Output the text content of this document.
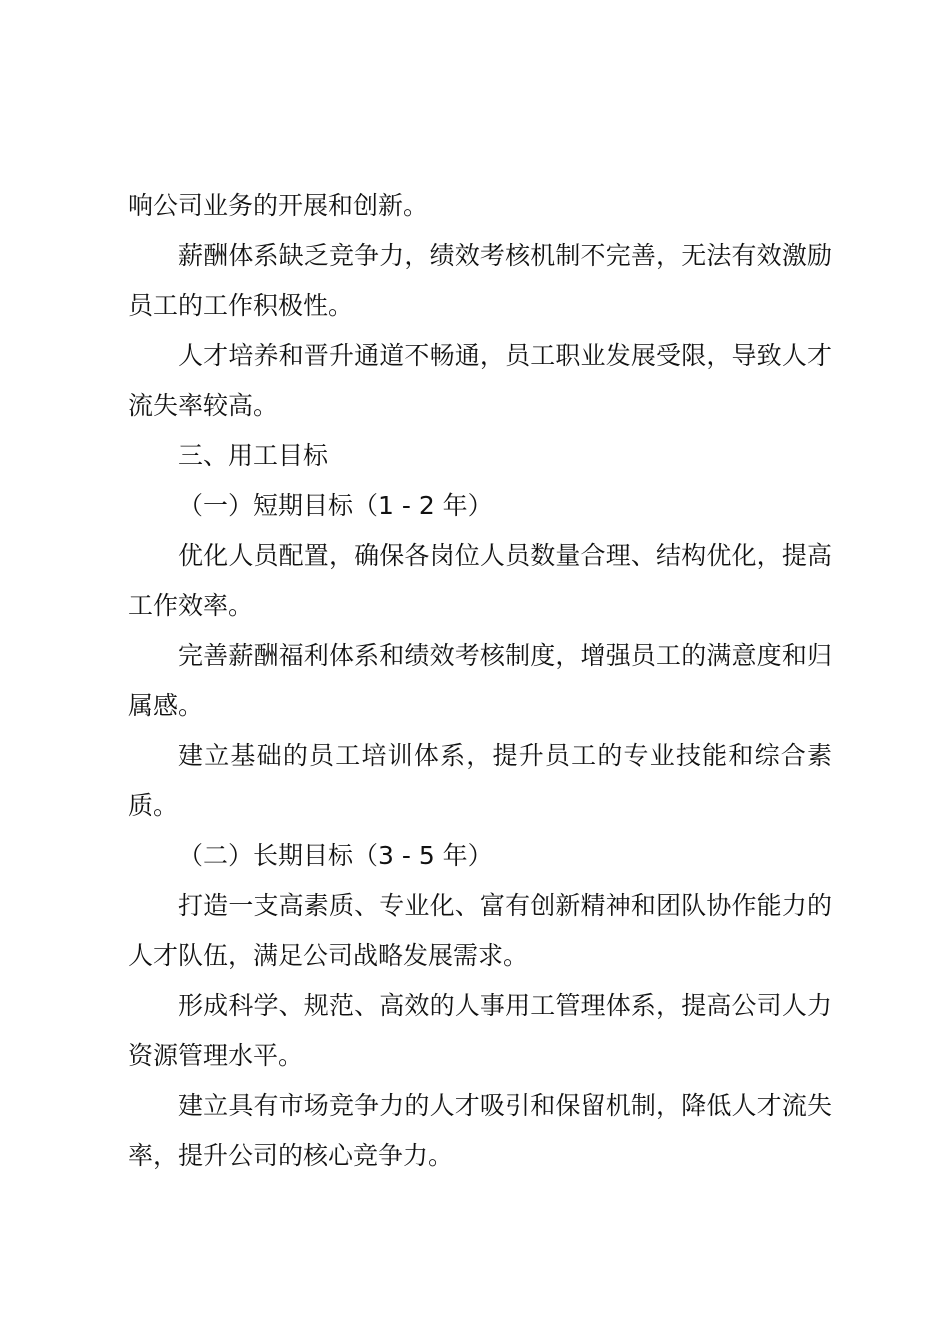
响公司业务的开展和创新。

薪酬体系缺乏竞争力，绩效考核机制不完善，无法有效激励员工的工作积极性。

人才培养和晋升通道不畅通，员工职业发展受限，导致人才流失率较高。

三、用工目标

（一）短期目标（1 - 2 年）

优化人员配置，确保各岗位人员数量合理、结构优化，提高工作效率。

完善薪酬福利体系和绩效考核制度，增强员工的满意度和归属感。

建立基础的员工培训体系，提升员工的专业技能和综合素质。

（二）长期目标（3 - 5 年）

打造一支高素质、专业化、富有创新精神和团队协作能力的人才队伍，满足公司战略发展需求。

形成科学、规范、高效的人事用工管理体系，提高公司人力资源管理水平。

建立具有市场竞争力的人才吸引和保留机制，降低人才流失率，提升公司的核心竞争力。
